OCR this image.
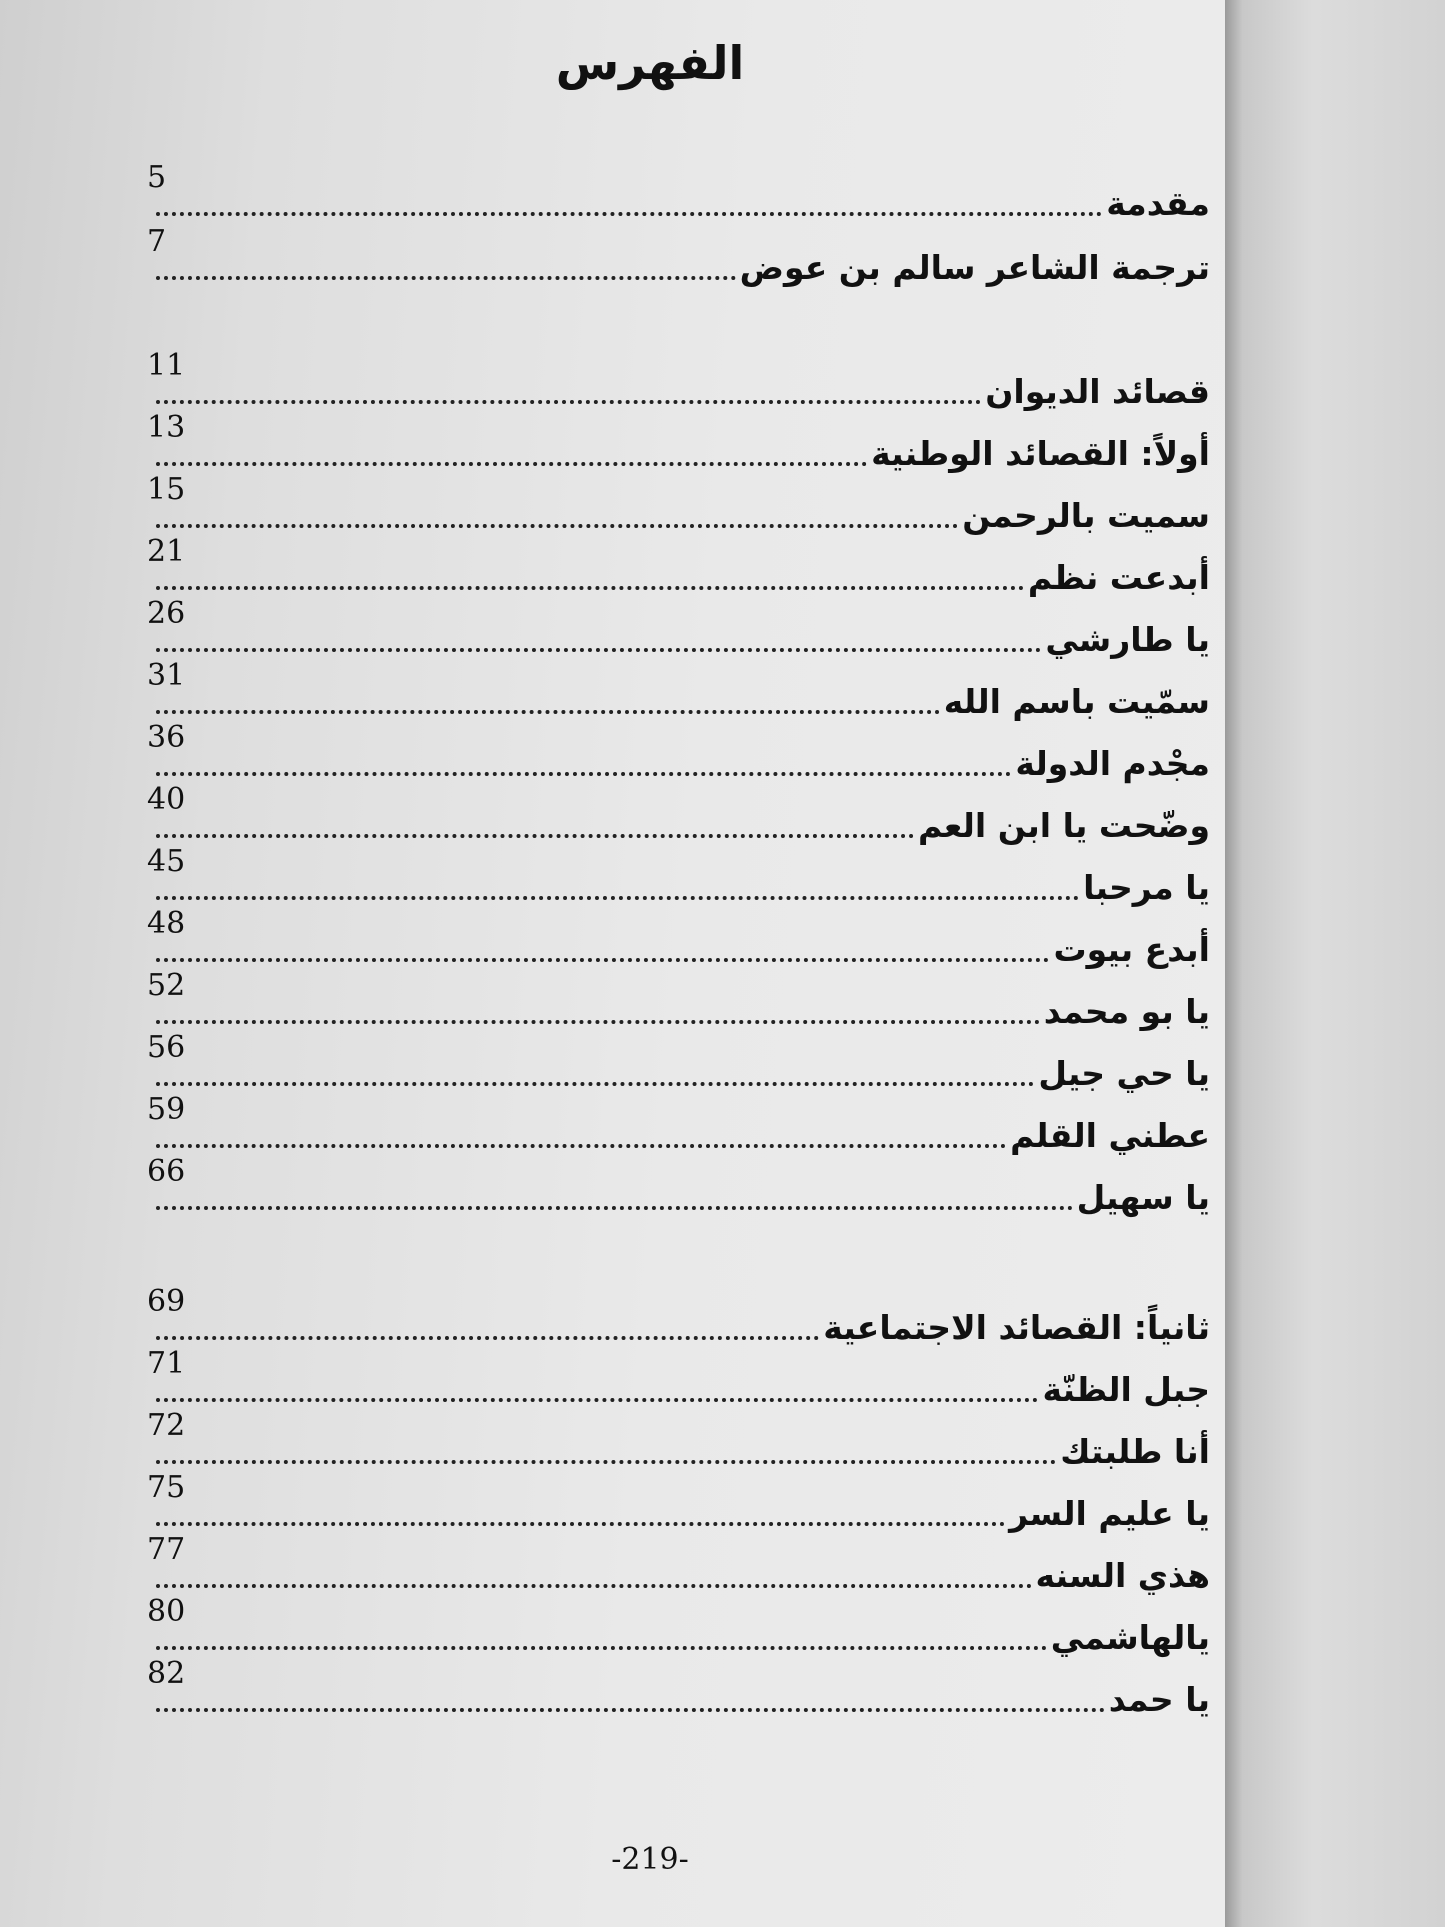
الفهرس
مقدمة
5
ترجمة الشاعر سالم بن عوض
7
قصائد الديوان
11
أولاً: القصائد الوطنية
13
سميت بالرحمن
15
أبدعت نظم
21
يا طارشي
26
سمّيت باسم الله
31
مجْدم الدولة
36
وضّحت يا ابن العم
40
يا مرحبا
45
أبدع بيوت
48
يا بو محمد
52
يا حي جيل
56
عطني القلم
59
يا سهيل
66
ثانياً: القصائد الاجتماعية
69
جبل الظنّة
71
أنا طلبتك
72
يا عليم السر
75
هذي السنه
77
يالهاشمي
80
يا حمد
82
-219-
